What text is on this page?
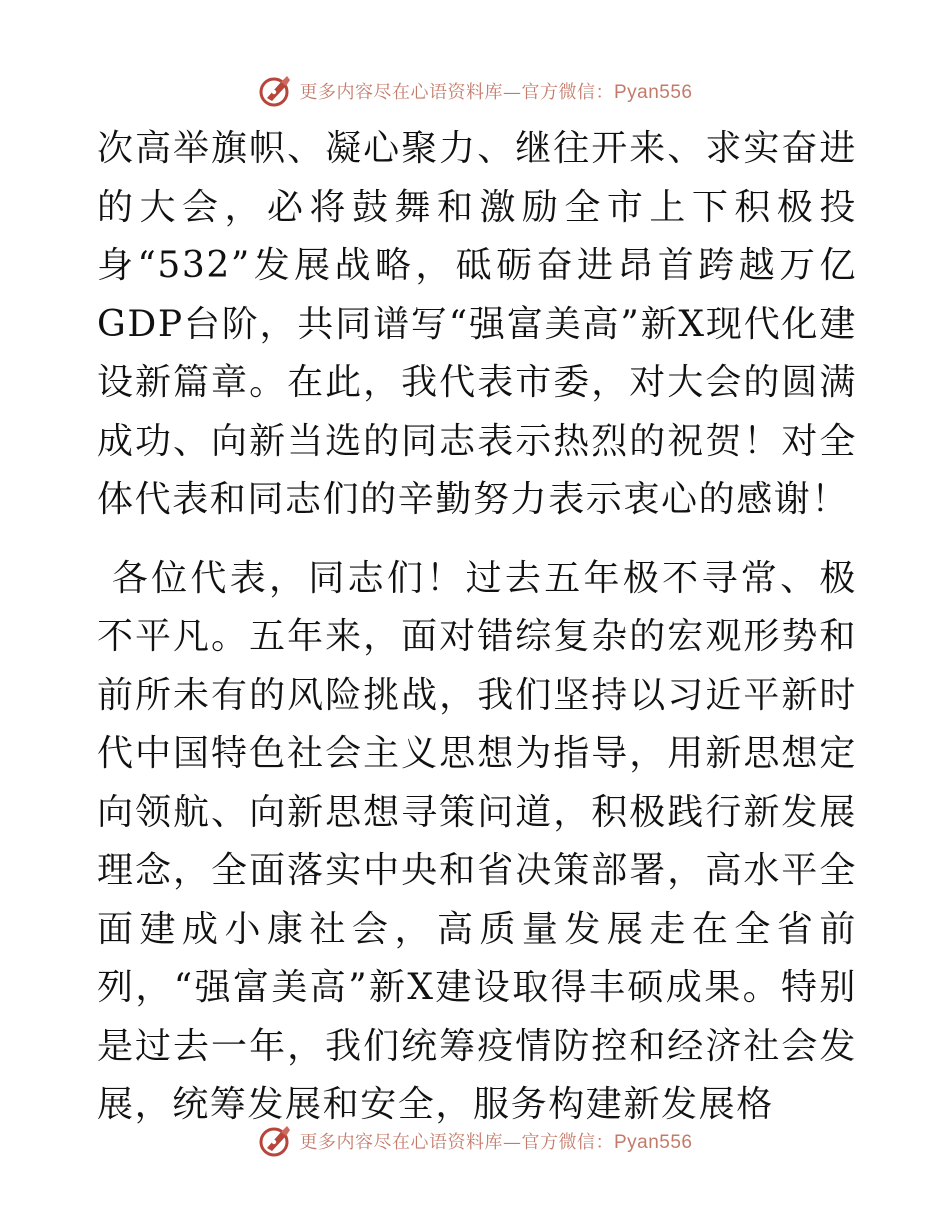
更多内容尽在心语资料库—官方微信：Pyan556

次高举旗帜、凝心聚力、继往开来、求实奋进的大会，必将鼓舞和激励全市上下积极投身“532”发展战略，砥砺奋进昂首跨越万亿GDP台阶，共同谱写“强富美高”新X现代化建设新篇章。在此，我代表市委，对大会的圆满成功、向新当选的同志表示热烈的祝贺！对全体代表和同志们的辛勤努力表示衷心的感谢！

各位代表，同志们！过去五年极不寻常、极不平凡。五年来，面对错综复杂的宏观形势和前所未有的风险挑战，我们坚持以习近平新时代中国特色社会主义思想为指导，用新思想定向领航、向新思想寻策问道，积极践行新发展理念，全面落实中央和省决策部署，高水平全面建成小康社会，高质量发展走在全省前列，“强富美高”新X建设取得丰硕成果。特别是过去一年，我们统筹疫情防控和经济社会发展，统筹发展和安全，服务构建新发展格

更多内容尽在心语资料库—官方微信：Pyan556
